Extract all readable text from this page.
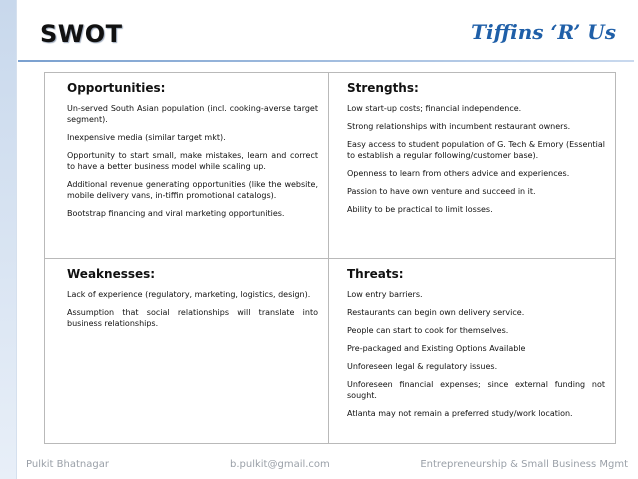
SWOT	Tiffins ‘R’ Us
Opportunities:
Un-served South Asian population (incl. cooking-averse target segment).
Inexpensive media (similar target mkt).
Opportunity to start small, make mistakes, learn and correct to have a better business model while scaling up.
Additional revenue generating opportunities (like the website, mobile delivery vans, in-tiffin promotional catalogs).
Bootstrap financing and viral marketing opportunities.
Strengths:
Low start-up costs; financial independence.
Strong relationships with incumbent restaurant owners.
Easy access to student population of G. Tech & Emory (Essential to establish a regular following/customer base).
Openness to learn from others advice and experiences.
Passion to have own venture and succeed in it.
Ability to be practical to limit losses.
Weaknesses:
Lack of experience (regulatory, marketing, logistics, design).
Assumption that social relationships will translate into business relationships.
Threats:
Low entry barriers.
Restaurants can begin own delivery service.
People can start to cook for themselves.
Pre-packaged and Existing Options Available
Unforeseen legal & regulatory issues.
Unforeseen financial expenses; since external funding not sought.
Atlanta may not remain a preferred study/work location.
Pulkit Bhatnagar	b.pulkit@gmail.com	Entrepreneurship & Small Business Mgmt
